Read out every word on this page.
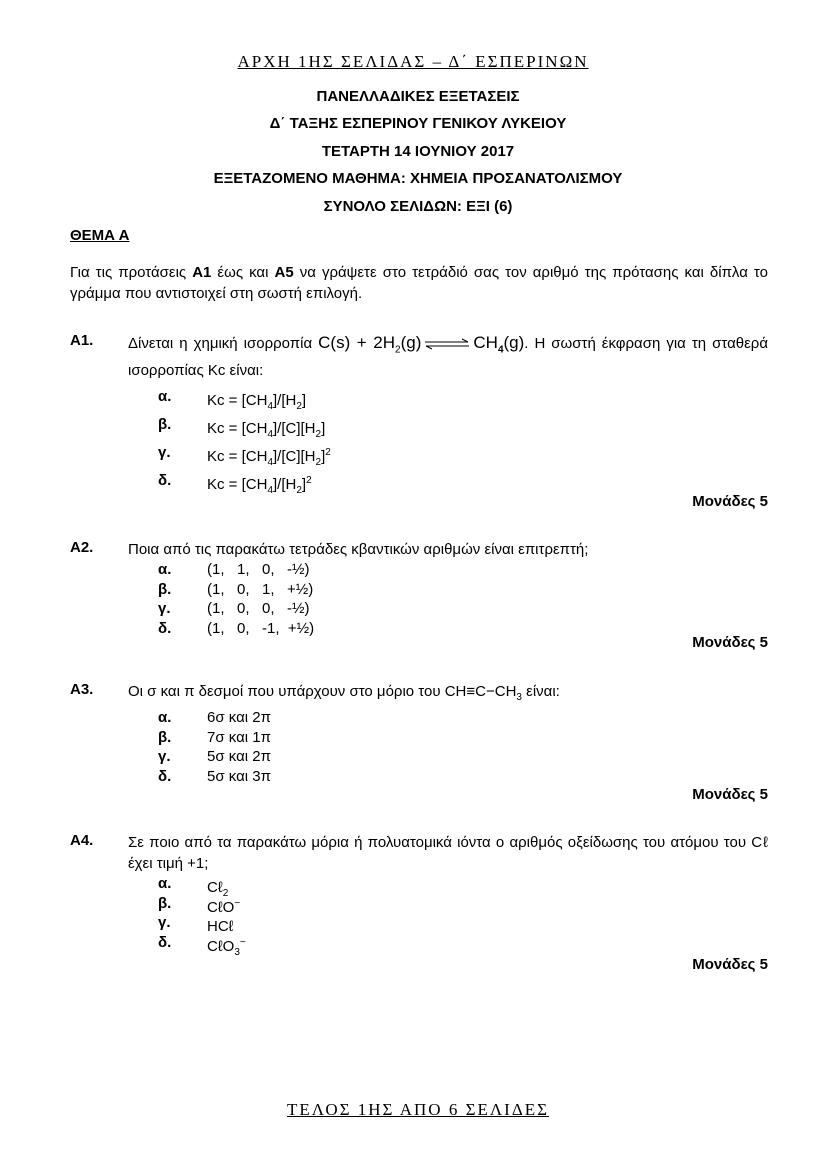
ΑΡΧΗ 1ΗΣ ΣΕΛΙΔΑΣ – Δ΄ ΕΣΠΕΡΙΝΩΝ
ΠΑΝΕΛΛΑΔΙΚΕΣ ΕΞΕΤΑΣΕΙΣ
Δ΄ ΤΑΞΗΣ ΕΣΠΕΡΙΝΟΥ ΓΕΝΙΚΟΥ ΛΥΚΕΙΟΥ
ΤΕΤΑΡΤΗ 14 ΙΟΥΝΙΟΥ 2017
ΕΞΕΤΑΖΟΜΕΝΟ ΜΑΘΗΜΑ: ΧΗΜΕΙΑ ΠΡΟΣΑΝΑΤΟΛΙΣΜΟΥ
ΣΥΝΟΛΟ ΣΕΛΙΔΩΝ: ΕΞΙ (6)
ΘΕΜΑ Α
Για τις προτάσεις Α1 έως και Α5 να γράψετε στο τετράδιό σας τον αριθμό της πρότασης και δίπλα το γράμμα που αντιστοιχεί στη σωστή επιλογή.
Α1. Δίνεται η χημική ισορροπία $C(s) + 2H_2(g)$ ⇌ $CH_4(g)$. Η σωστή έκφραση για τη σταθερά ισορροπίας Kc είναι:
α. $Kc = [CH_4]/[H_2]$
β. $Kc = [CH_4]/[C][H_2]$
γ. $Kc = [CH_4]/[C][H_2]^2$
δ. $Kc = [CH_4]/[H_2]^2$
Μονάδες 5
Α2. Ποια από τις παρακάτω τετράδες κβαντικών αριθμών είναι επιτρεπτή;
α. (1,   1,   0,   -½)
β. (1,   0,   1,   +½)
γ. (1,   0,   0,   -½)
δ. (1,   0,   -1,  +½)
Μονάδες 5
Α3. Οι σ και π δεσμοί που υπάρχουν στο μόριο του $CH\equiv C-CH_3$ είναι:
α. 6σ και 2π
β. 7σ και 1π
γ. 5σ και 2π
δ. 5σ και 3π
Μονάδες 5
Α4. Σε ποιο από τα παρακάτω μόρια ή πολυατομικά ιόντα ο αριθμός οξείδωσης του ατόμου του Cℓ έχει τιμή +1;
α. Cℓ$_2$
β. CℓO−
γ. HCℓ
δ. CℓO$_3$−
Μονάδες 5
ΤΕΛΟΣ 1ΗΣ ΑΠΟ 6 ΣΕΛΙΔΕΣ
